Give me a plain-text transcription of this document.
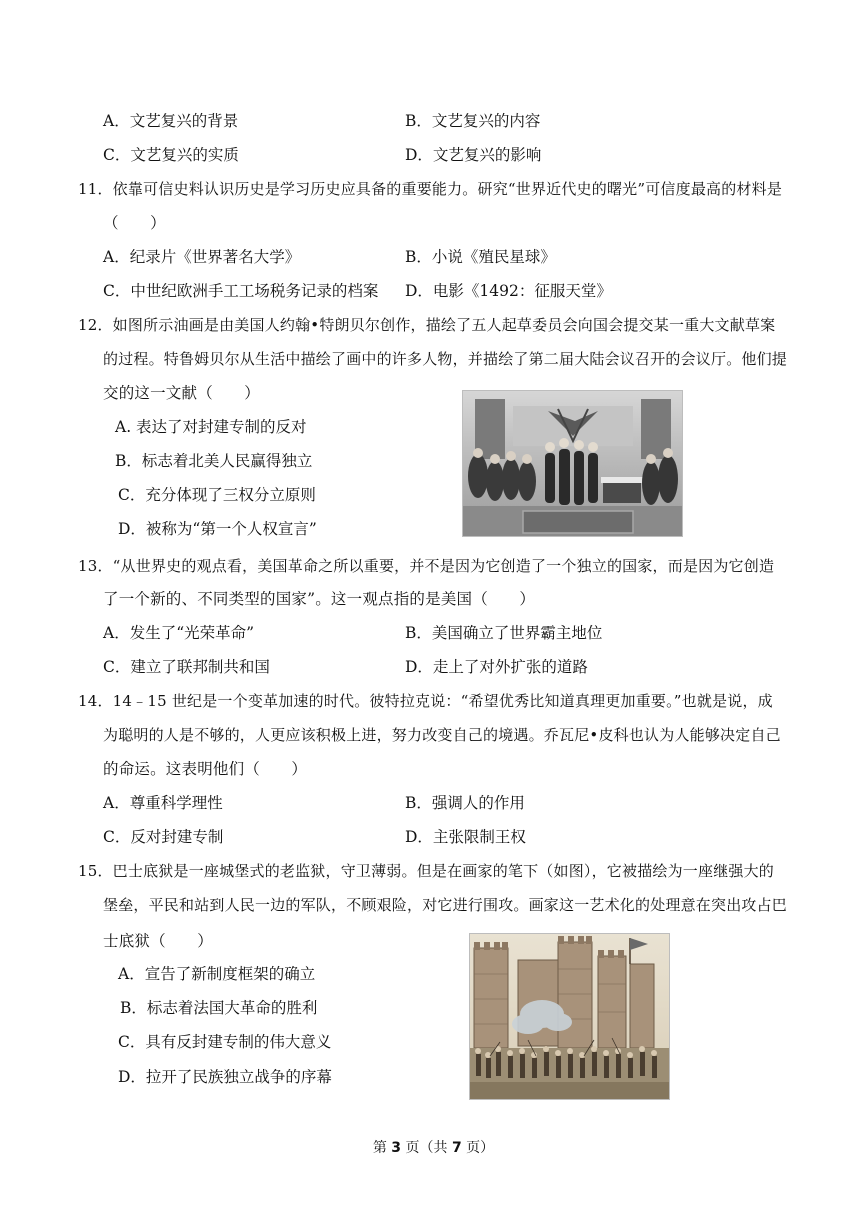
A．文艺复兴的背景	B．文艺复兴的内容
C．文艺复兴的实质	D．文艺复兴的影响
11．依靠可信史料认识历史是学习历史应具备的重要能力。研究“世界近代史的曙光”可信度最高的材料是
（　　）
A．纪录片《世界著名大学》	B．小说《殖民星球》
C．中世纪欧洲手工工场税务记录的档案 D．电影《1492：征服天堂》
12．如图所示油画是由美国人约翰•特朗贝尔创作，描绘了五人起草委员会向国会提交某一重大文献草案
的过程。特鲁姆贝尔从生活中描绘了画中的许多人物，并描绘了第二届大陆会议召开的会议厅。他们提
交的这一文献（　　）
A. 表达了对封建专制的反对
B．标志着北美人民赢得独立
C．充分体现了三权分立原则
D．被称为“第一个人权宣言”
13．“从世界史的观点看，美国革命之所以重要，并不是因为它创造了一个独立的国家，而是因为它创造
了一个新的、不同类型的国家”。这一观点指的是美国（　　）
A．发生了“光荣革命”	B．美国确立了世界霸主地位
C．建立了联邦制共和国	D．走上了对外扩张的道路
14．14﹣15 世纪是一个变革加速的时代。彼特拉克说：“希望优秀比知道真理更加重要。”也就是说，成
为聪明的人是不够的，人更应该积极上进，努力改变自己的境遇。乔瓦尼•皮科也认为人能够决定自己
的命运。这表明他们（　　）
A．尊重科学理性	B．强调人的作用
C．反对封建专制	D．主张限制王权
15．巴士底狱是一座城堡式的老监狱，守卫薄弱。但是在画家的笔下（如图），它被描绘为一座继强大的
堡垒，平民和站到人民一边的军队，不顾艰险，对它进行围攻。画家这一艺术化的处理意在突出攻占巴
士底狱（　　）
A．宣告了新制度框架的确立
B．标志着法国大革命的胜利
C．具有反封建专制的伟大意义
D．拉开了民族独立战争的序幕
第 3 页（共 7 页）
